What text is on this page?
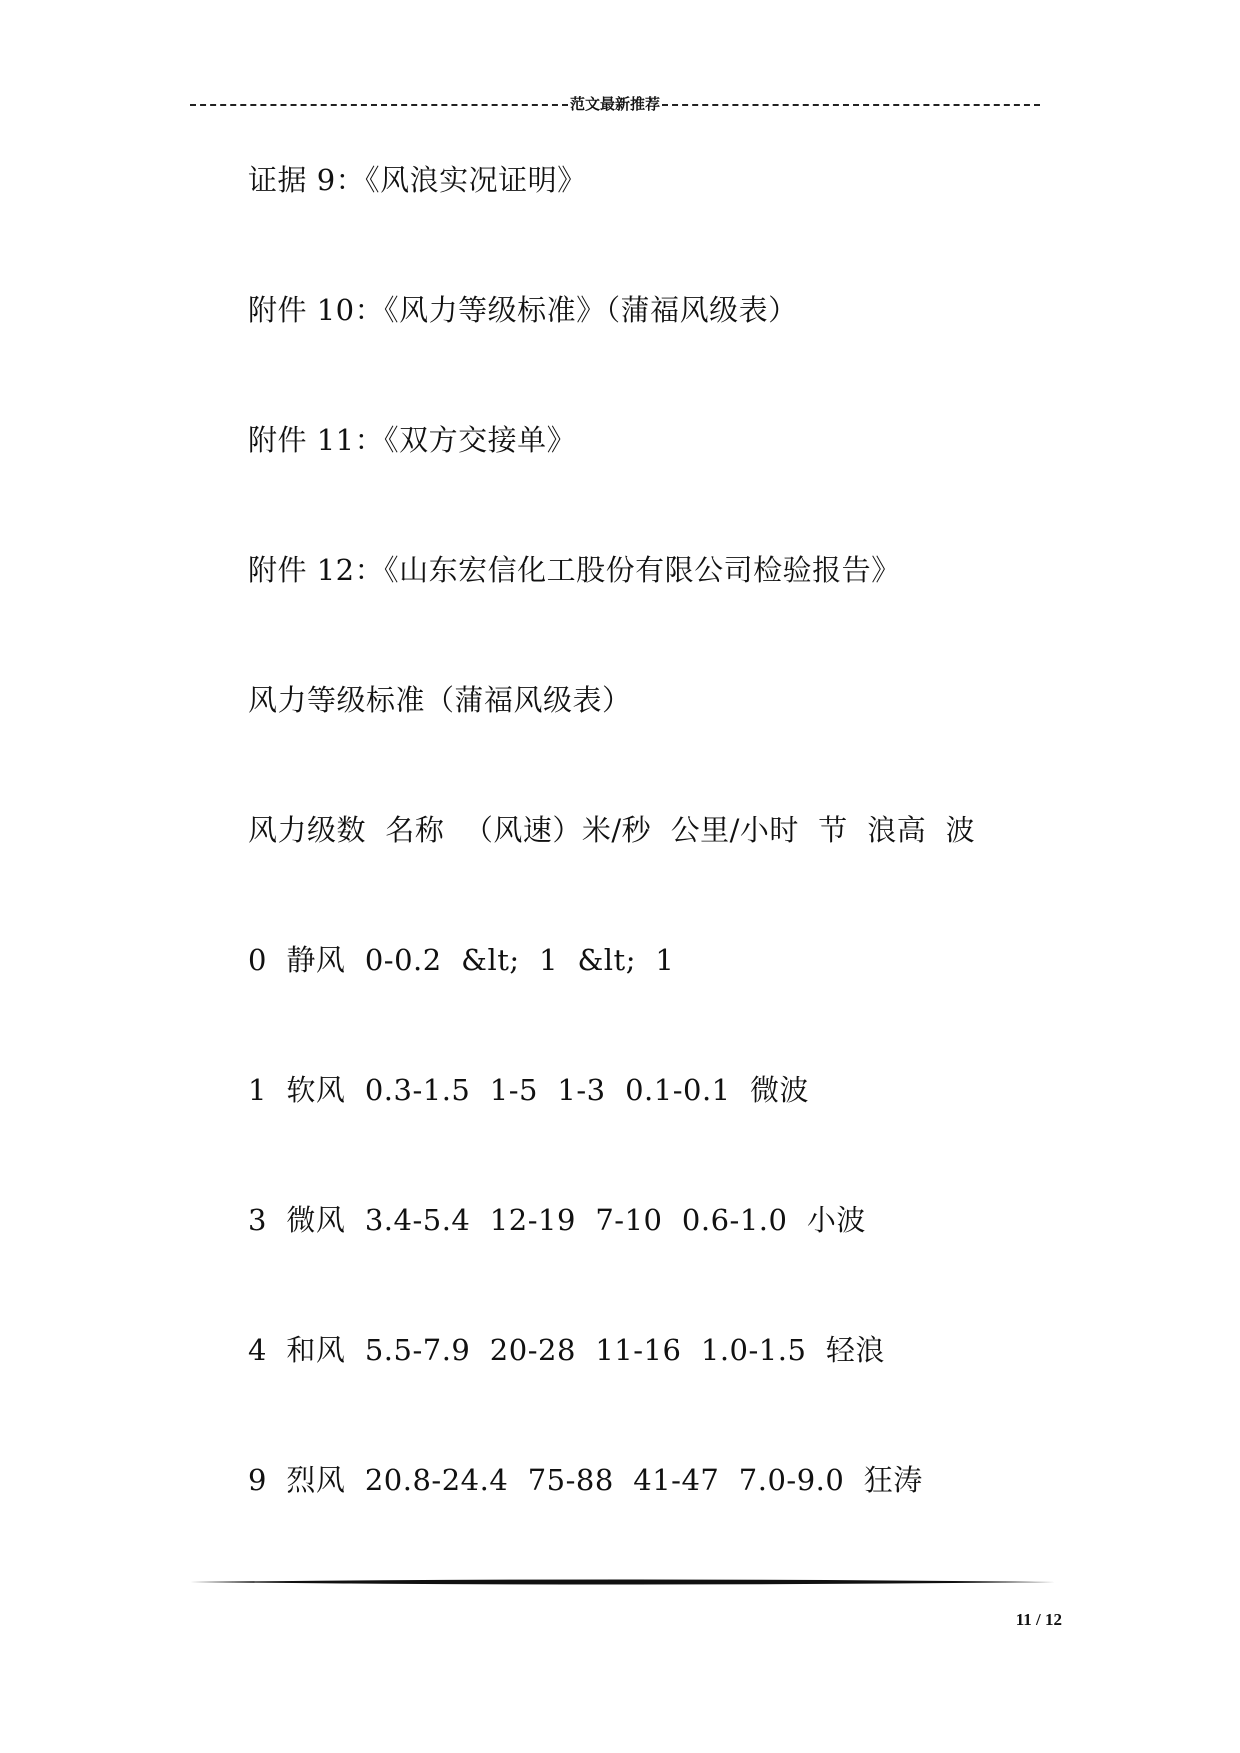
范文最新推荐
证据 9：《风浪实况证明》
附件 10：《风力等级标准》（蒲福风级表）
附件 11：《双方交接单》
附件 12：《山东宏信化工股份有限公司检验报告》
风力等级标准（蒲福风级表）
风力级数  名称  （风速）米/秒  公里/小时  节  浪高  波
0  静风  0-0.2  &lt;  1  &lt;  1
1  软风  0.3-1.5  1-5  1-3  0.1-0.1  微波
3  微风  3.4-5.4  12-19  7-10  0.6-1.0  小波
4  和风  5.5-7.9  20-28  11-16  1.0-1.5  轻浪
9  烈风  20.8-24.4  75-88  41-47  7.0-9.0  狂涛
11 / 12
